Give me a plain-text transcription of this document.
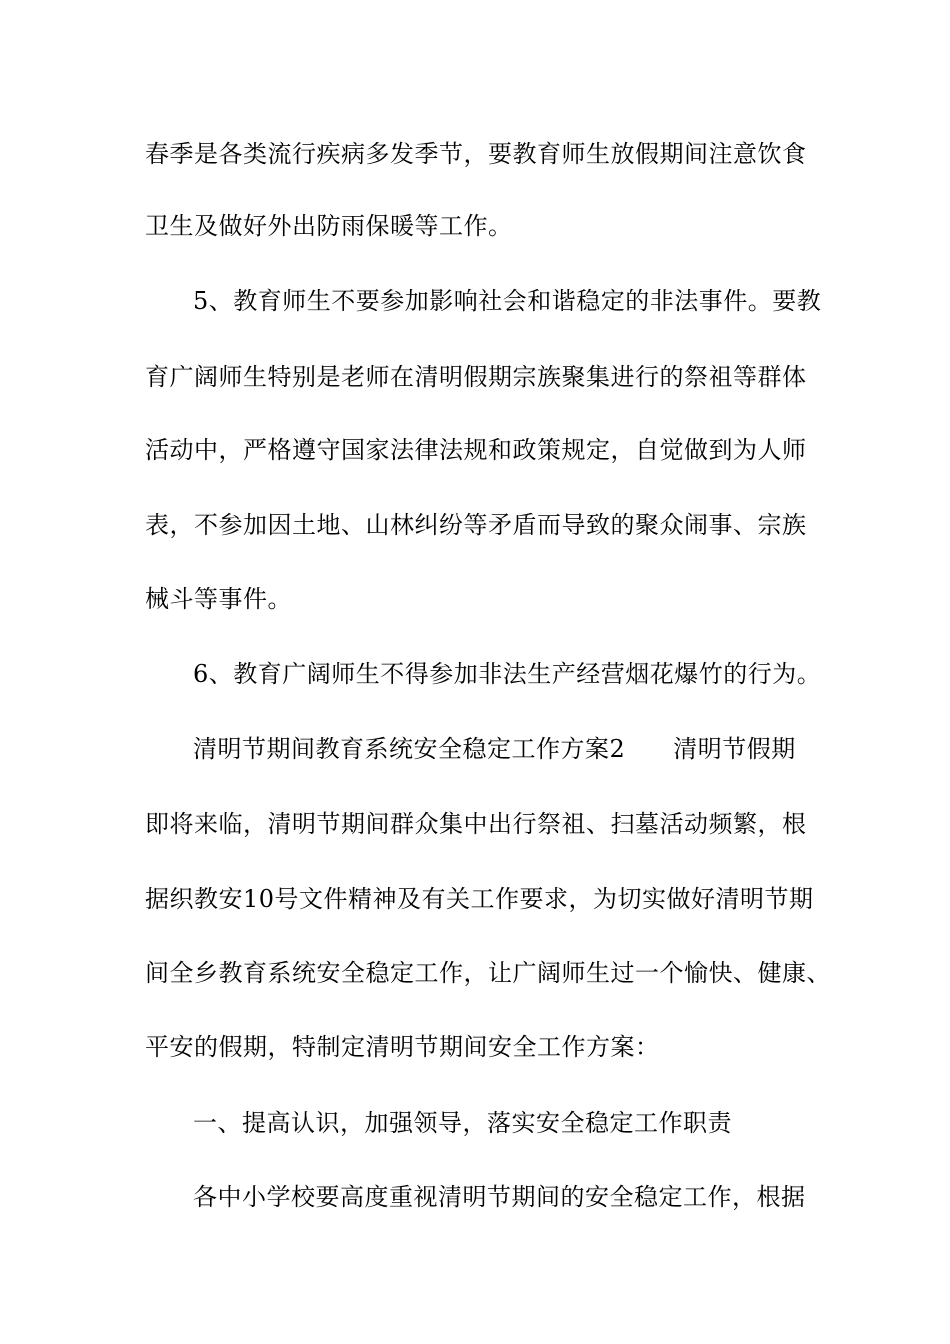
春季是各类流行疾病多发季节，要教育师生放假期间注意饮食
卫生及做好外出防雨保暖等工作。
5、教育师生不要参加影响社会和谐稳定的非法事件。要教
育广阔师生特别是老师在清明假期宗族聚集进行的祭祖等群体
活动中，严格遵守国家法律法规和政策规定，自觉做到为人师
表，不参加因土地、山林纠纷等矛盾而导致的聚众闹事、宗族
械斗等事件。
6、教育广阔师生不得参加非法生产经营烟花爆竹的行为。
清明节期间教育系统安全稳定工作方案2 清明节假期
即将来临，清明节期间群众集中出行祭祖、扫墓活动频繁，根
据织教安10号文件精神及有关工作要求，为切实做好清明节期
间全乡教育系统安全稳定工作，让广阔师生过一个愉快、健康、
平安的假期，特制定清明节期间安全工作方案：
一、提高认识，加强领导，落实安全稳定工作职责
各中小学校要高度重视清明节期间的安全稳定工作，根据
